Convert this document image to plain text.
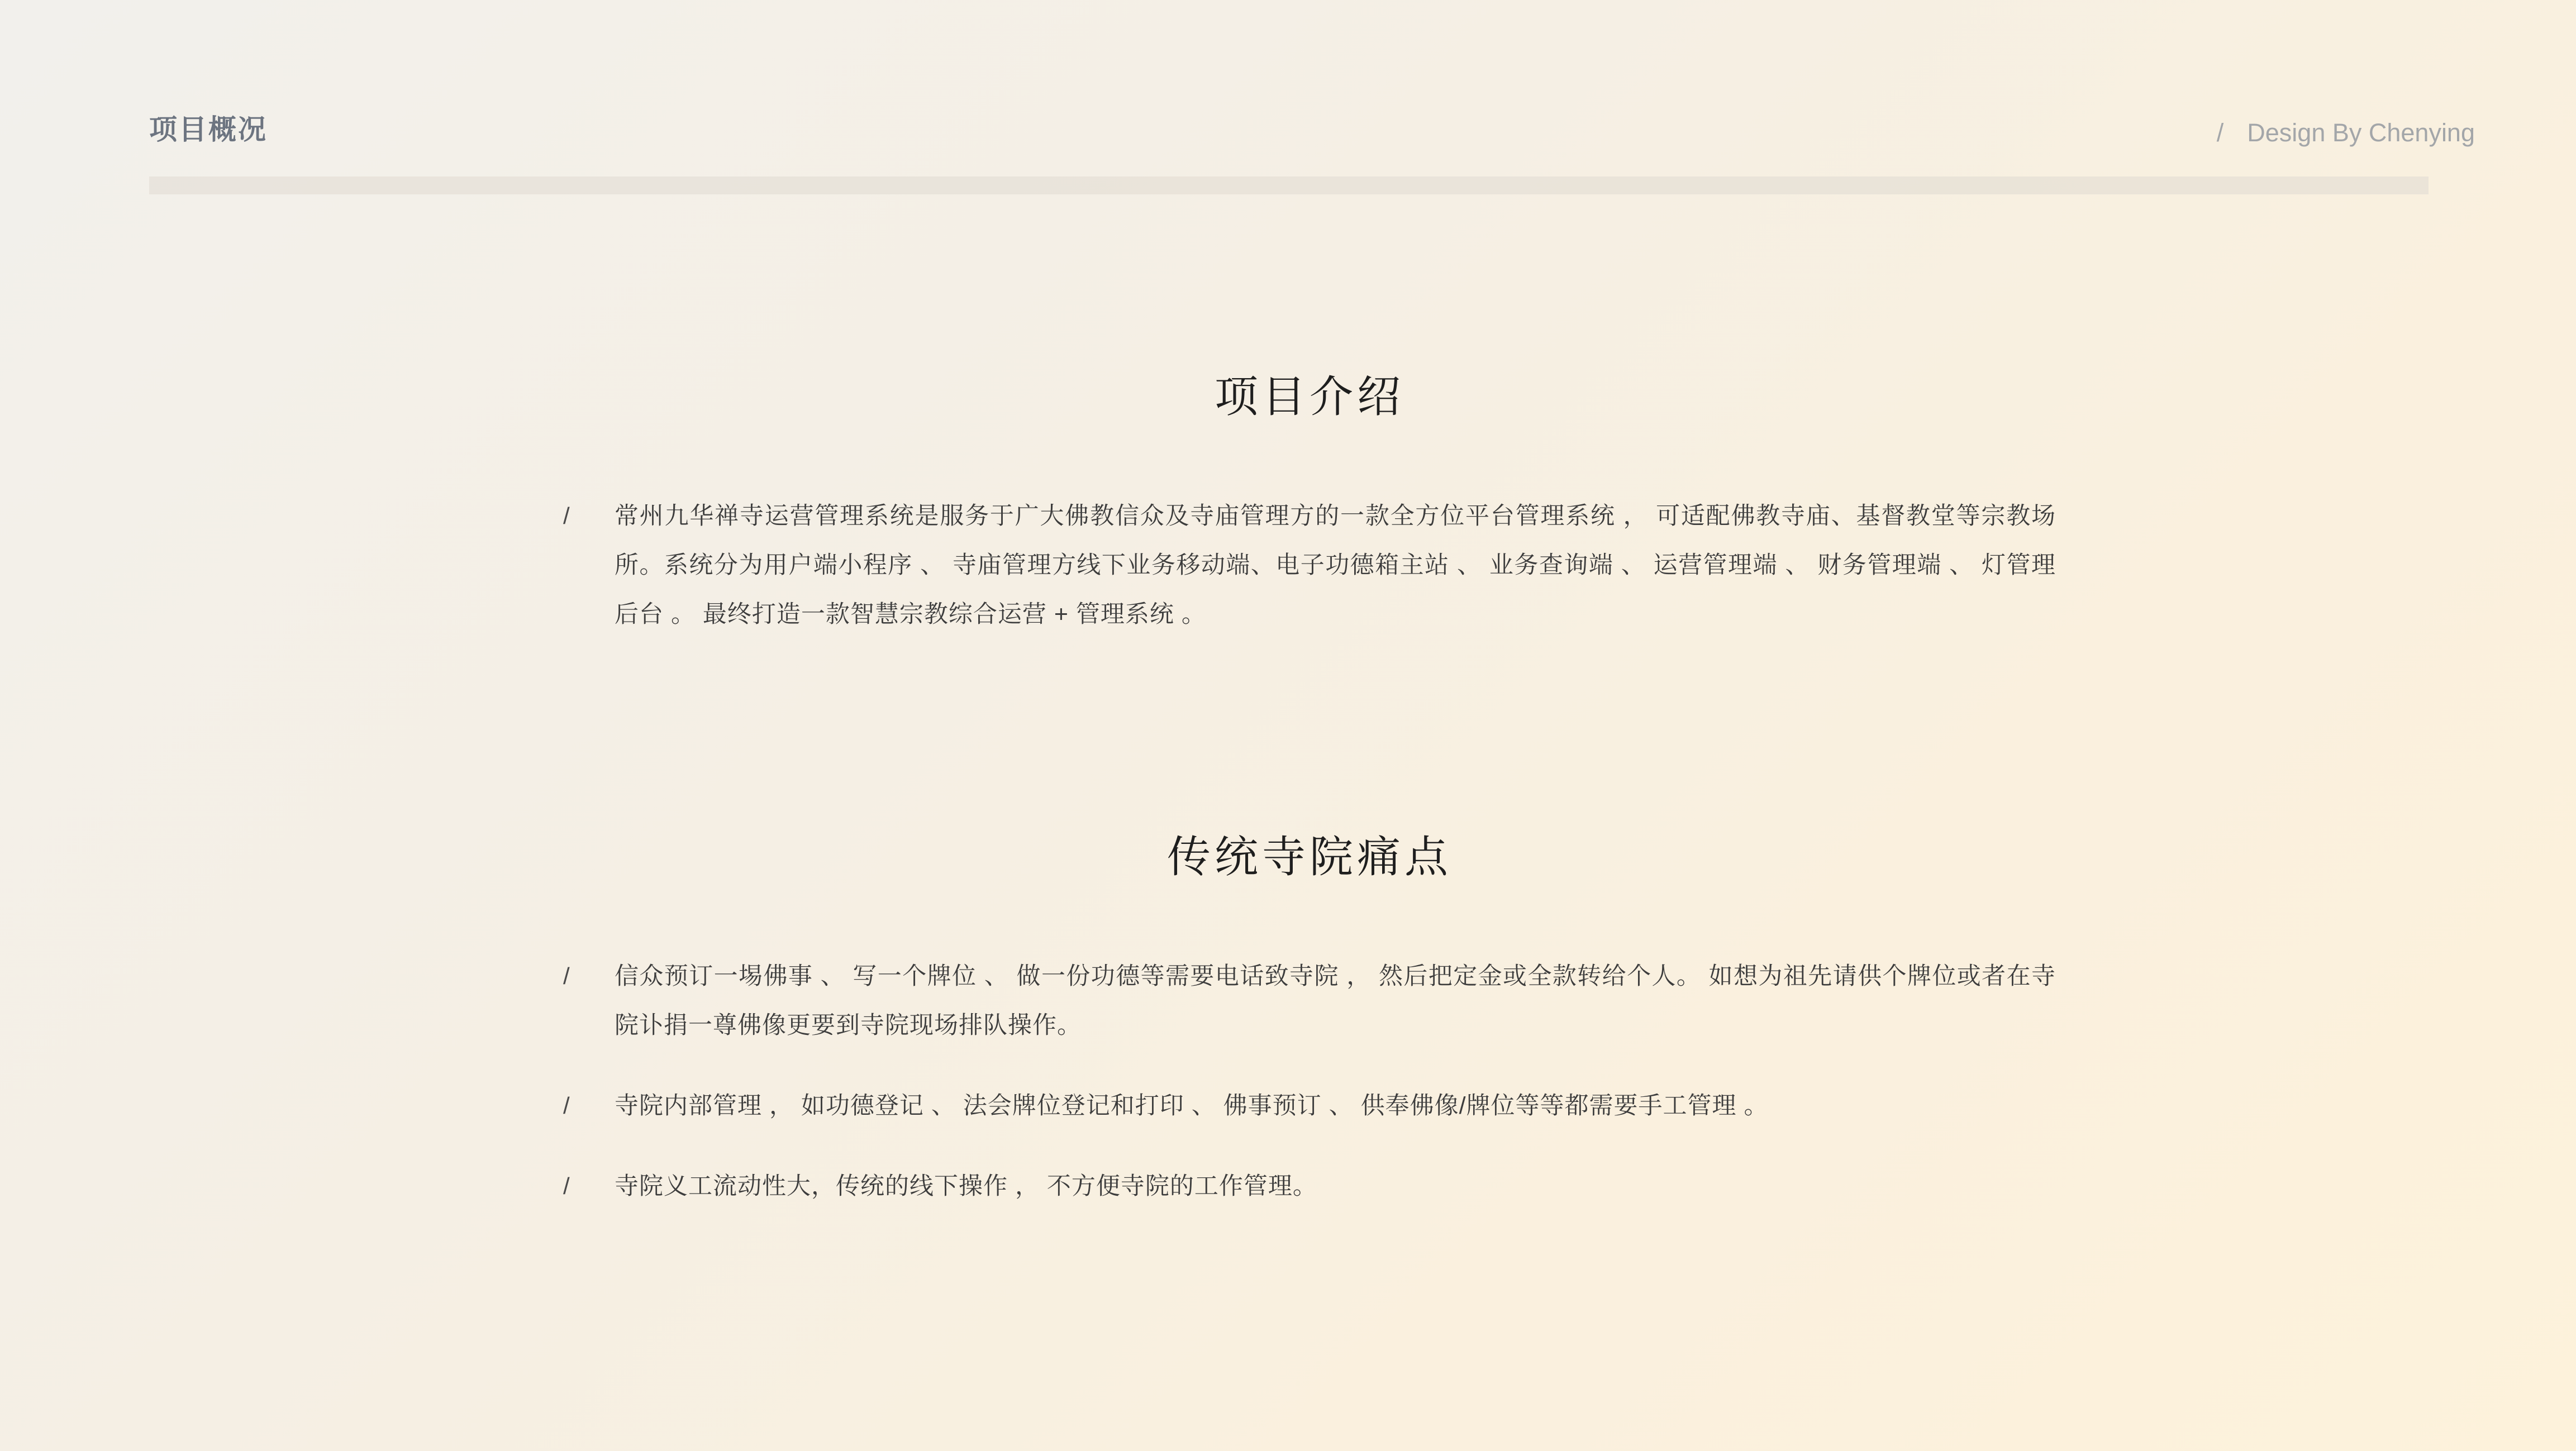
项目概况	/ Design By Chenying
项目介绍
/	常州九华禅寺运营管理系统是服务于广大佛教信众及寺庙管理方的一款全方位平台管理系统 ， 可适配佛教寺庙、基督教堂等宗教场所。系统分为用户端小程序 、 寺庙管理方线下业务移动端、电子功德箱主站 、 业务查询端 、 运营管理端 、 财务管理端 、 灯管理后台 。 最终打造一款智慧宗教综合运营 + 管理系统 。
传统寺院痛点
/	信众预订一埸佛事 、 写一个牌位 、 做一份功德等需要电话致寺院 ， 然后把定金或全款转给个人。 如想为祖先请供个牌位或者在寺院讣捐一尊佛像更要到寺院现场排队操作。
/	寺院内部管理 ， 如功德登记 、 法会牌位登记和打印 、 佛事预订 、 供奉佛像/牌位等等都需要手工管理 。
/	寺院义工流动性大，传统的线下操作 ， 不方便寺院的工作管理。
